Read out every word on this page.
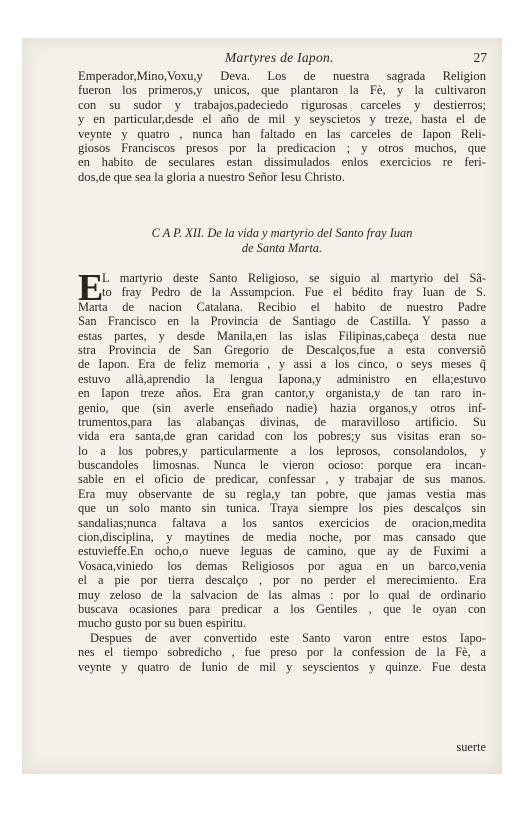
Martyres de Iapon.	27
Emperador,Mino,Voxu,y Deva. Los de nuestra sagrada Religion
fueron los primeros,y unicos, que plantaron la Fè, y la cultivaron
con su sudor y trabajos,padeciedo rigurosas carceles y destierros;
y en particular,desde el año de mil y seyscietos y treze, hasta el de
veynte y quatro , nunca han faltado en las carceles de Iapon Reli-
giosos Franciscos presos por la predicacion ; y otros muchos, que
en habito de seculares estan dissimulados enlos exercicios re feri-
dos,de que sea la gloria a nuestro Señor Iesu Christo.
C A P. XII. De la vida y martyrio del Santo fray Iuan
de Santa Marta.
E
L martyrio deste Santo Religioso, se siguio al martyrio del Sã-
to fray Pedro de la Assumpcion. Fue el bédito fray Iuan de S.
Marta de nacion Catalana. Recibio el habito de nuestro Padre
San Francisco en la Provincia de Santiago de Castilla. Y passo a
estas partes, y desde Manila,en las islas Filipinas,cabeça desta nue
stra Provincia de San Gregorio de Descalços,fue a esta conversiõ
de Iapon. Era de feliz memoria , y assi a los cinco, o seys meses q̃
estuvo allà,aprendio la lengua Iapona,y administro en ella;estuvo
en Iapon treze años. Era gran cantor,y organista,y de tan raro in-
genio, que (sin averle enseñado nadie) hazia organos,y otros inf-
trumentos,para las alabanças divinas, de maravilloso artificio. Su
vida era santa,de gran caridad con los pobres;y sus visitas eran so-
lo a los pobres,y particularmente a los leprosos, consolandolos, y
buscandoles limosnas. Nunca le vieron ocioso: porque era incan-
sable en el oficio de predicar, confessar , y trabajar de sus manos.
Era muy observante de su regla,y tan pobre, que jamas vestia mas
que un solo manto sin tunica. Traya siempre los pies descalços sin
sandalias;nunca faltava a los santos exercicios de oracion,medita
cion,disciplina, y maytines de media noche, por mas cansado que
estuvieffe.En ocho,o nueve leguas de camino, que ay de Fuximi a
Vosaca,viniedo los demas Religiosos por agua en un barco,venia
el a pie por tierra descalço , por no perder el merecimiento. Era
muy zeloso de la salvacion de las almas : por lo qual de ordinario
buscava ocasiones para predicar a los Gentiles , que le oyan con
mucho gusto por su buen espiritu.
Despues de aver convertido este Santo varon entre estos Iapo-
nes el tiempo sobredicho , fue preso por la confession de la Fè, a
veynte y quatro de Iunio de mil y seyscientos y quinze. Fue desta
suerte
